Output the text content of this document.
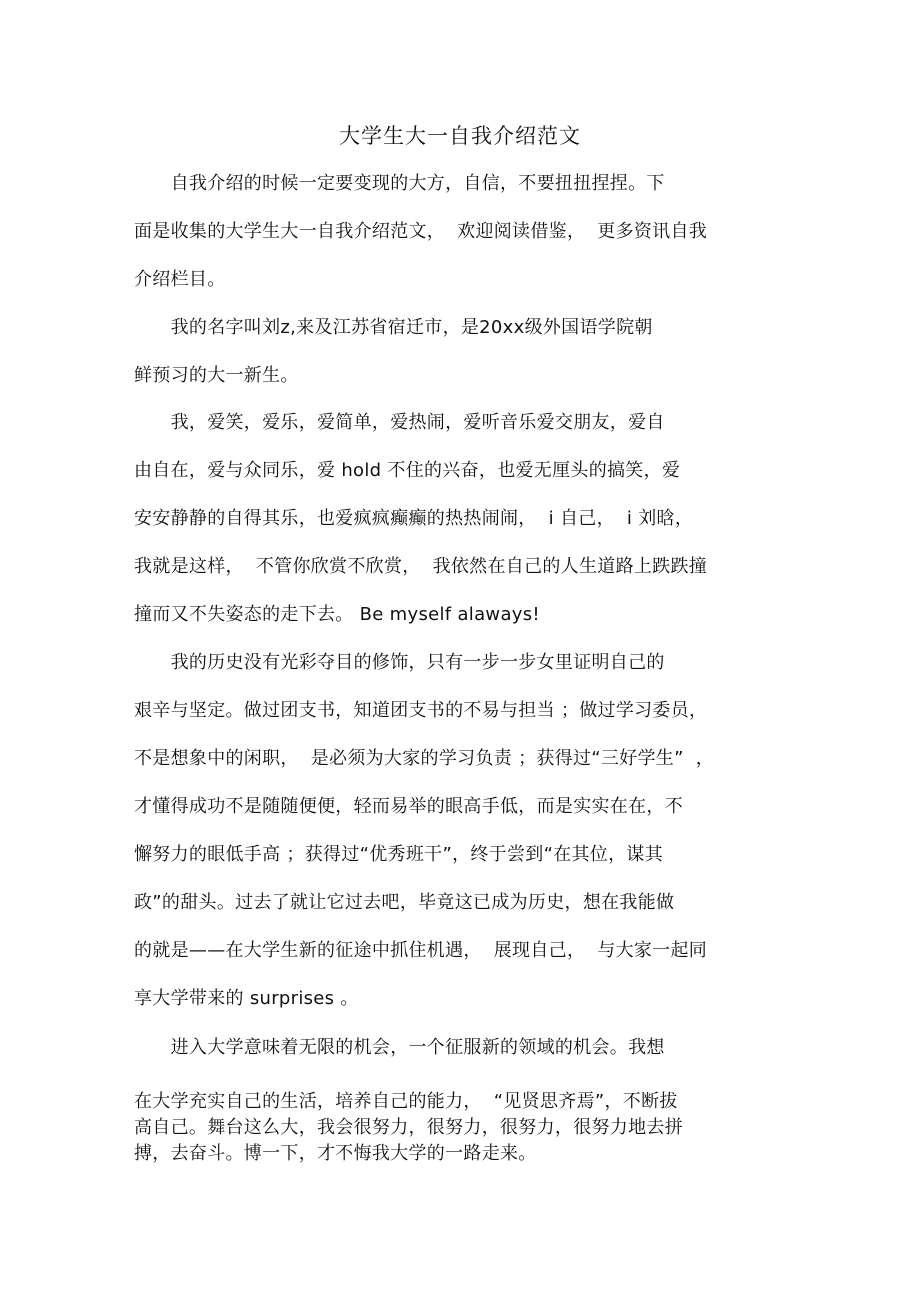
大学生大一自我介绍范文
　　自我介绍的时候一定要变现的大方，自信，不要扭扭捏捏。下
面是收集的大学生大一自我介绍范文，  欢迎阅读借鉴，  更多资讯自我
介绍栏目。
　　我的名字叫刘z,来及江苏省宿迁市，是20xx级外国语学院朝
鲜预习的大一新生。
　　我，爱笑，爱乐，爱简单，爱热闹，爱听音乐爱交朋友，爱自
由自在，爱与众同乐，爱 hold 不住的兴奋，也爱无厘头的搞笑，爱
安安静静的自得其乐，也爱疯疯癫癫的热热闹闹，  i 自己，  i 刘晗，
我就是这样，  不管你欣赏不欣赏，  我依然在自己的人生道路上跌跌撞
撞而又不失姿态的走下去。 Be myself alaways!
　　我的历史没有光彩夺目的修饰，只有一步一步女里证明自己的
艰辛与坚定。做过团支书，知道团支书的不易与担当 ；做过学习委员，
不是想象中的闲职，  是必须为大家的学习负责 ；获得过“三好学生”  ，
才懂得成功不是随随便便，轻而易举的眼高手低，而是实实在在，不
懈努力的眼低手高 ；获得过“优秀班干”，终于尝到“在其位，谋其
政”的甜头。过去了就让它过去吧，毕竟这已成为历史，想在我能做
的就是——在大学生新的征途中抓住机遇，  展现自己，  与大家一起同
享大学带来的 surprises 。
　　进入大学意味着无限的机会，一个征服新的领域的机会。我想
在大学充实自己的生活，培养自己的能力，  “见贤思齐焉”，不断拔
高自己。舞台这么大，我会很努力，很努力，很努力，很努力地去拼
搏，去奋斗。博一下，才不悔我大学的一路走来。
